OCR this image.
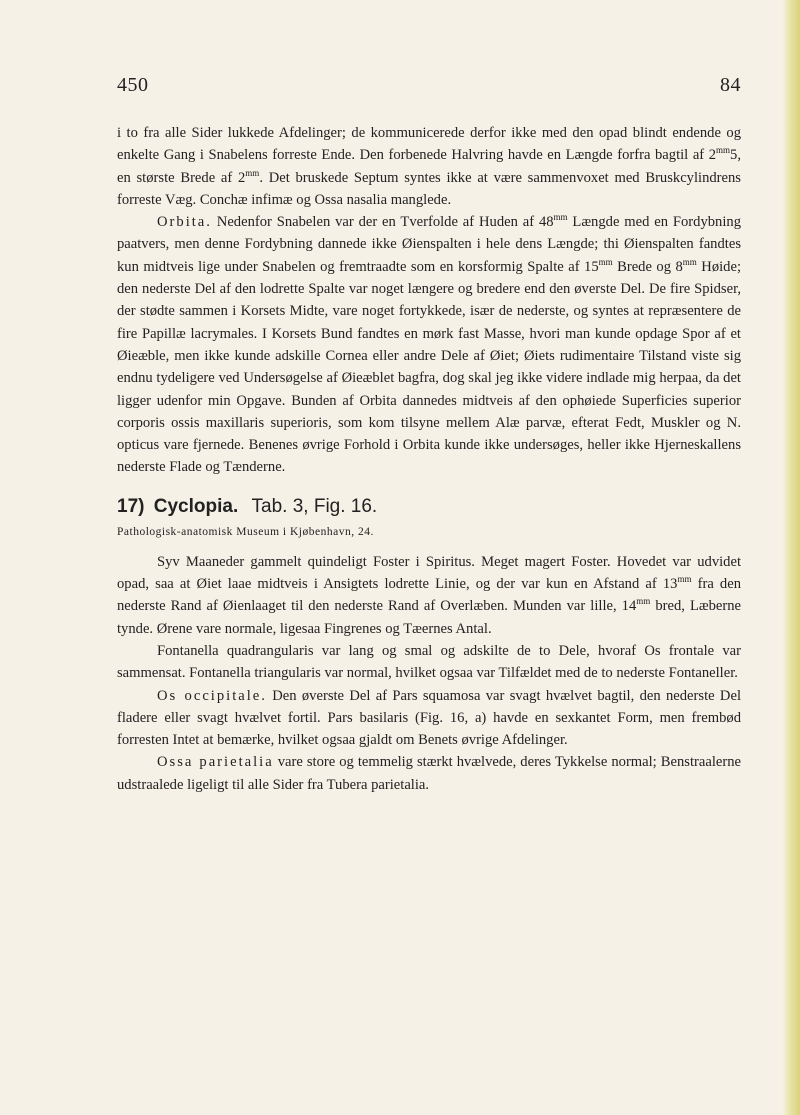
450	84

i to fra alle Sider lukkede Afdelinger; de kommunicerede derfor ikke med den opad blindt endende og enkelte Gang i Snabelens forreste Ende. Den forbenede Halvring havde en Længde forfra bagtil af $2^{mm}5$, en største Brede af $2^{mm}$. Det bruskede Septum syntes ikke at være sammenvoxet med Bruskcylindrens forreste Væg. Conchæ infimæ og Ossa nasalia manglede.

Orbita. Nedenfor Snabelen var der en Tverfolde af Huden af $48^{mm}$ Længde med en Fordybning paatvers, men denne Fordybning dannede ikke Øienspalten i hele dens Længde; thi Øienspalten fandtes kun midtveis lige under Snabelen og fremtraadte som en korsformig Spalte af $15^{mm}$ Brede og $8^{mm}$ Høide; den nederste Del af den lodrette Spalte var noget længere og bredere end den øverste Del. De fire Spidser, der stødte sammen i Korsets Midte, vare noget fortykkede, især de nederste, og syntes at repræsentere de fire Papillæ lacrymales. I Korsets Bund fandtes en mørk fast Masse, hvori man kunde opdage Spor af et Øieæble, men ikke kunde adskille Cornea eller andre Dele af Øiet; Øiets rudimentaire Tilstand viste sig endnu tydeligere ved Undersøgelse af Øieæblet bagfra, dog skal jeg ikke videre indlade mig herpaa, da det ligger udenfor min Opgave. Bunden af Orbita dannedes midtveis af den ophøiede Superficies superior corporis ossis maxillaris superioris, som kom tilsyne mellem Alæ parvæ, efterat Fedt, Muskler og N. opticus vare fjernede. Benenes øvrige Forhold i Orbita kunde ikke undersøges, heller ikke Hjerneskallens nederste Flade og Tænderne.

17) Cyclopia. Tab. 3, Fig. 16.
Pathologisk-anatomisk Museum i Kjøbenhavn, 24.

Syv Maaneder gammelt quindeligt Foster i Spiritus. Meget magert Foster. Hovedet var udvidet opad, saa at Øiet laae midtveis i Ansigtets lodrette Linie, og der var kun en Afstand af $13^{mm}$ fra den nederste Rand af Øienlaaget til den nederste Rand af Overlæben. Munden var lille, $14^{mm}$ bred, Læberne tynde. Ørene vare normale, ligesaa Fingrenes og Tæernes Antal.

Fontanella quadrangularis var lang og smal og adskilte de to Dele, hvoraf Os frontale var sammensat. Fontanella triangularis var normal, hvilket ogsaa var Tilfældet med de to nederste Fontaneller.

Os occipitale. Den øverste Del af Pars squamosa var svagt hvælvet bagtil, den nederste Del fladere eller svagt hvælvet fortil. Pars basilaris (Fig. 16, a) havde en sexkantet Form, men frembød forresten Intet at bemærke, hvilket ogsaa gjaldt om Benets øvrige Afdelinger.

Ossa parietalia vare store og temmelig stærkt hvælvede, deres Tykkelse normal; Benstraalerne udstraalede ligeligt til alle Sider fra Tubera parietalia.
